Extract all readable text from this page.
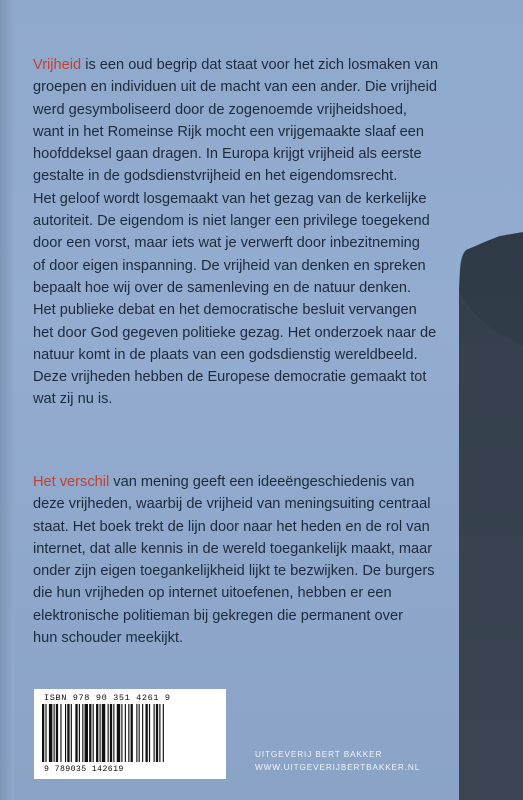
Vrijheid is een oud begrip dat staat voor het zich losmaken van
groepen en individuen uit de macht van een ander. Die vrijheid
werd gesymboliseerd door de zogenoemde vrijheidshoed,
want in het Romeinse Rijk mocht een vrijgemaakte slaaf een
hoofddeksel gaan dragen. In Europa krijgt vrijheid als eerste
gestalte in de godsdienstvrijheid en het eigendomsrecht.
Het geloof wordt losgemaakt van het gezag van de kerkelijke
autoriteit. De eigendom is niet langer een privilege toegekend
door een vorst, maar iets wat je verwerft door inbezitneming
of door eigen inspanning. De vrijheid van denken en spreken
bepaalt hoe wij over de samenleving en de natuur denken.
Het publieke debat en het democratische besluit vervangen
het door God gegeven politieke gezag. Het onderzoek naar de
natuur komt in de plaats van een godsdienstig wereldbeeld.
Deze vrijheden hebben de Europese democratie gemaakt tot
wat zij nu is.
Het verschil van mening geeft een ideeëngeschiedenis van
deze vrijheden, waarbij de vrijheid van meningsuiting centraal
staat. Het boek trekt de lijn door naar het heden en de rol van
internet, dat alle kennis in de wereld toegankelijk maakt, maar
onder zijn eigen toegankelijkheid lijkt te bezwijken. De burgers
die hun vrijheden op internet uitoefenen, hebben er een
elektronische politieman bij gekregen die permanent over
hun schouder meekijkt.
ISBN 978 90 351 4261 9
9 789035 142619
UITGEVERIJ BERT BAKKER
WWW.UITGEVERIJBERTBAKKER.NL
